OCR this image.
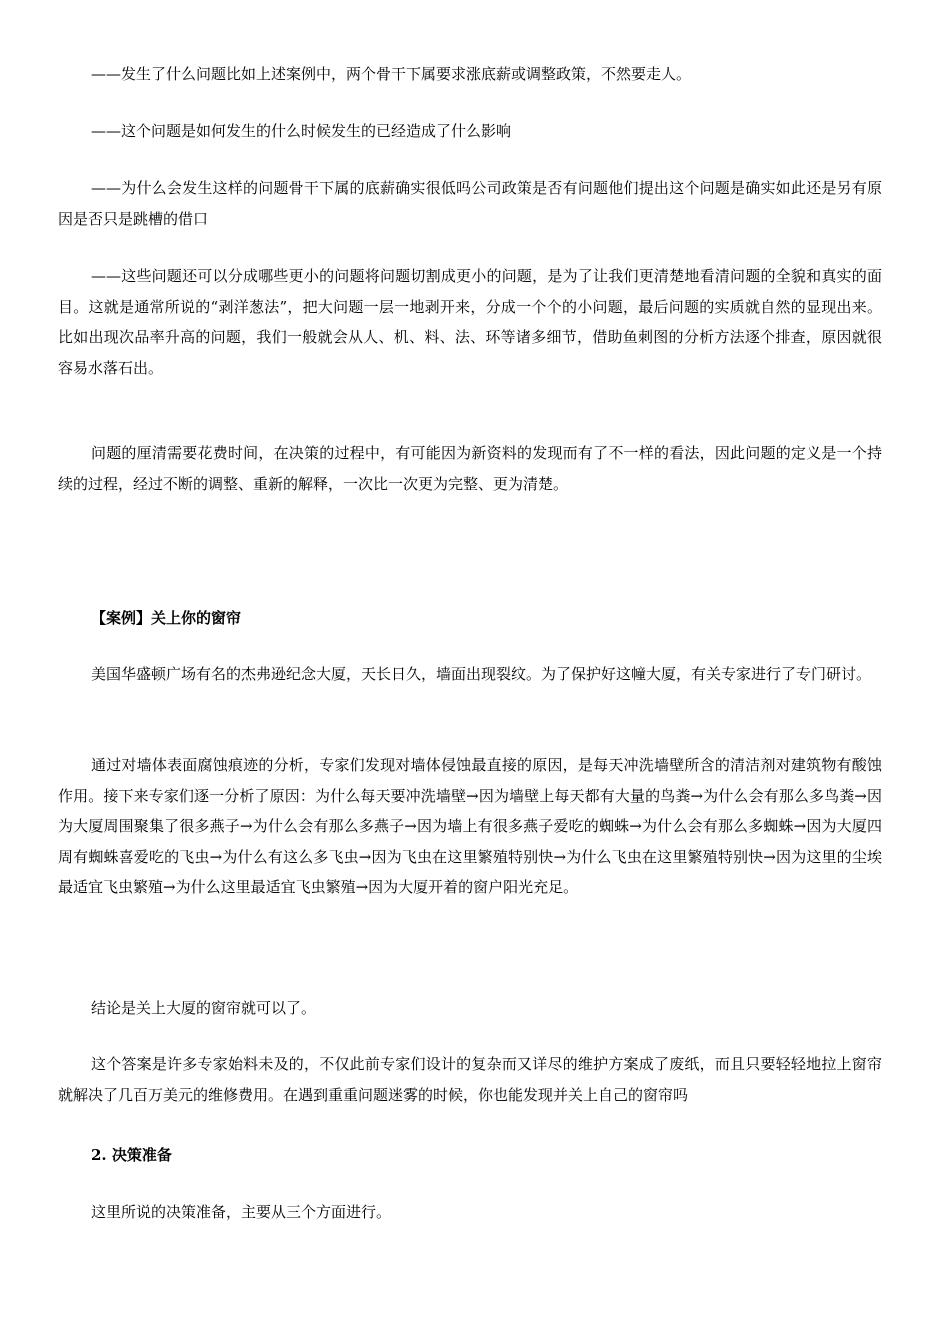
——发生了什么问题比如上述案例中，两个骨干下属要求涨底薪或调整政策，不然要走人。

——这个问题是如何发生的什么时候发生的已经造成了什么影响

——为什么会发生这样的问题骨干下属的底薪确实很低吗公司政策是否有问题他们提出这个问题是确实如此还是另有原因是否只是跳槽的借口

——这些问题还可以分成哪些更小的问题将问题切割成更小的问题，是为了让我们更清楚地看清问题的全貌和真实的面目。这就是通常所说的“剥洋葱法”，把大问题一层一地剥开来，分成一个个的小问题，最后问题的实质就自然的显现出来。比如出现次品率升高的问题，我们一般就会从人、机、料、法、环等诸多细节，借助鱼刺图的分析方法逐个排查，原因就很容易水落石出。

问题的厘清需要花费时间，在决策的过程中，有可能因为新资料的发现而有了不一样的看法，因此问题的定义是一个持续的过程，经过不断的调整、重新的解释，一次比一次更为完整、更为清楚。

【案例】关上你的窗帘

美国华盛顿广场有名的杰弗逊纪念大厦，天长日久，墙面出现裂纹。为了保护好这幢大厦，有关专家进行了专门研讨。

通过对墙体表面腐蚀痕迹的分析，专家们发现对墙体侵蚀最直接的原因，是每天冲洗墙壁所含的清洁剂对建筑物有酸蚀作用。接下来专家们逐一分析了原因：为什么每天要冲洗墙壁→因为墙壁上每天都有大量的鸟粪→为什么会有那么多鸟粪→因为大厦周围聚集了很多燕子→为什么会有那么多燕子→因为墙上有很多燕子爱吃的蜘蛛→为什么会有那么多蜘蛛→因为大厦四周有蜘蛛喜爱吃的飞虫→为什么有这么多飞虫→因为飞虫在这里繁殖特别快→为什么飞虫在这里繁殖特别快→因为这里的尘埃最适宜飞虫繁殖→为什么这里最适宜飞虫繁殖→因为大厦开着的窗户阳光充足。

结论是关上大厦的窗帘就可以了。

这个答案是许多专家始料未及的，不仅此前专家们设计的复杂而又详尽的维护方案成了废纸，而且只要轻轻地拉上窗帘就解决了几百万美元的维修费用。在遇到重重问题迷雾的时候，你也能发现并关上自己的窗帘吗

2. 决策准备

这里所说的决策准备，主要从三个方面进行。
